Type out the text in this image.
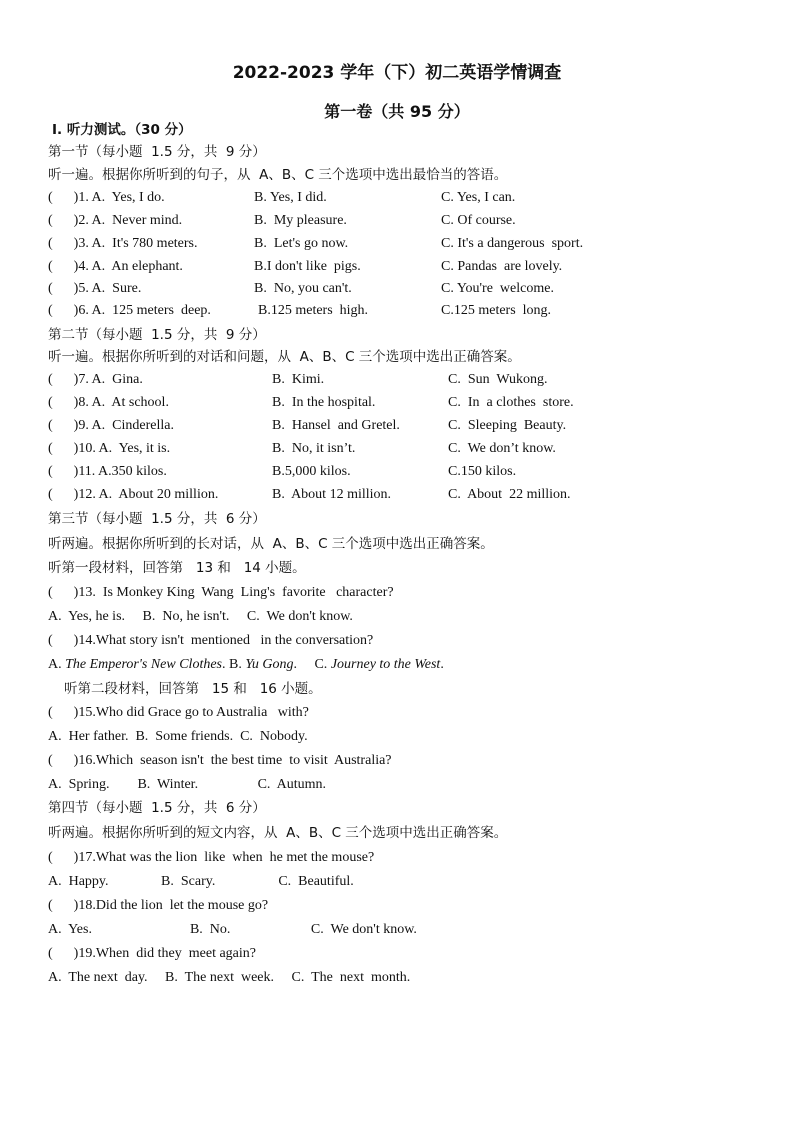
2022-2023 学年（下）初二英语学情调查
第一卷（共 95 分）
Ⅰ. 听力测试。（30 分）
第一节（每小题  1.5 分，共  9 分）
听一遍。根据你所听到的句子，从  A、B、C 三个选项中选出最恰当的答语。
(      )1. A.  Yes, I do.	B. Yes, I did.	C. Yes, I can.
(      )2. A.  Never mind.	B.  My pleasure.	C. Of course.
(      )3. A.  It's 780 meters.	B.  Let's go now.	C. It's a dangerous  sport.
(      )4. A.  An elephant.	B.I don't like  pigs.	C. Pandas  are lovely.
(      )5. A.  Sure.	B.  No, you can't.	C. You're  welcome.
(      )6. A.  125 meters  deep.	B.125 meters  high.	C.125 meters  long.
第二节（每小题  1.5 分，共  9 分）
听一遍。根据你所听到的对话和问题，从  A、B、C 三个选项中选出正确答案。
(      )7. A.  Gina.	B.  Kimi.	C.  Sun  Wukong.
(      )8. A.  At school.	B.  In the hospital.	C.  In  a clothes  store.
(      )9. A.  Cinderella.	B.  Hansel  and Gretel.	C.  Sleeping  Beauty.
(      )10. A.  Yes, it is.	B.  No, it isn’t.	C.  We don’t know.
(      )11. A.350 kilos.	B.5,000 kilos.	C.150 kilos.
(      )12. A.  About 20 million.	B.  About 12 million.	C.  About  22 million.
第三节（每小题  1.5 分，共  6 分）
听两遍。根据你所听到的长对话，从  A、B、C 三个选项中选出正确答案。
听第一段材料，回答第   13 和   14 小题。
(      )13.  Is Monkey King  Wang  Ling's  favorite   character?
A.  Yes, he is.     B.  No, he isn't.     C.  We don't know.
(      )14.What story isn't  mentioned   in the conversation?
A. The Emperor's New Clothes. B. Yu Gong.     C. Journey to the West.
听第二段材料，回答第   15 和   16 小题。
(      )15.Who did Grace go to Australia   with?
A.  Her father.  B.  Some friends.  C.  Nobody.
(      )16.Which  season isn't  the best time  to visit  Australia?
A.  Spring.        B.  Winter.                 C.  Autumn.
第四节（每小题  1.5 分，共  6 分）
听两遍。根据你所听到的短文内容，从  A、B、C 三个选项中选出正确答案。
(      )17.What was the lion  like  when  he met the mouse?
A.  Happy.               B.  Scary.                  C.  Beautiful.
(      )18.Did the lion  let the mouse go?
A.  Yes.                            B.  No.                       C.  We don't know.
(      )19.When  did they  meet again?
A.  The next  day.     B.  The next  week.     C.  The  next  month.
